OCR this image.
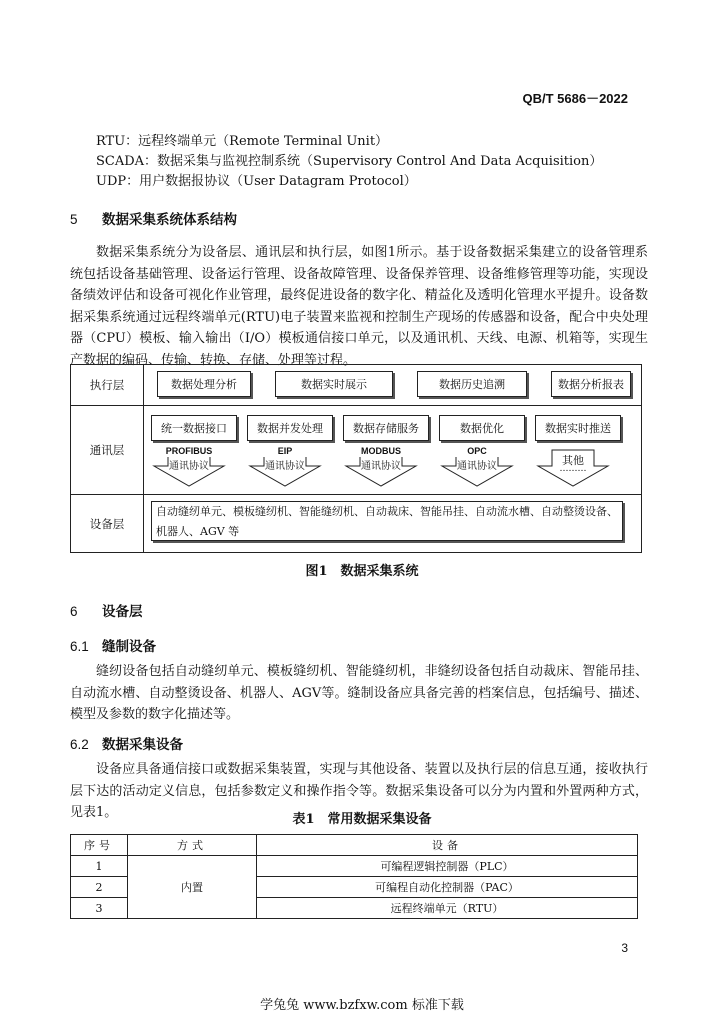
QB/T 5686－2022
RTU：远程终端单元（Remote Terminal Unit）
SCADA：数据采集与监视控制系统（Supervisory Control And Data Acquisition）
UDP：用户数据报协议（User Datagram Protocol）
5 数据采集系统体系结构
数据采集系统分为设备层、通讯层和执行层，如图1所示。基于设备数据采集建立的设备管理系统包括设备基础管理、设备运行管理、设备故障管理、设备保养管理、设备维修管理等功能，实现设备绩效评估和设备可视化作业管理，最终促进设备的数字化、精益化及透明化管理水平提升。设备数据采集系统通过远程终端单元(RTU)电子装置来监视和控制生产现场的传感器和设备，配合中央处理器（CPU）模板、输入输出（I/O）模板通信接口单元，以及通讯机、天线、电源、机箱等，实现生产数据的编码、传输、转换、存储、处理等过程。
执行层	数据处理分析	数据实时展示	数据历史追溯	数据分析报表
通讯层
统一数据接口	数据并发处理	数据存储服务	数据优化	数据实时推送
PROFIBUS
通讯协议
EIP
通讯协议
MODBUS
通讯协议
OPC
通讯协议	其他
………
设备层
自动缝纫单元、模板缝纫机、智能缝纫机、自动裁床、智能吊挂、自动流水槽、自动整烫设备、机器人、AGV 等
图1　数据采集系统
6 设备层
6.1 缝制设备
缝纫设备包括自动缝纫单元、模板缝纫机、智能缝纫机，非缝纫设备包括自动裁床、智能吊挂、自动流水槽、自动整烫设备、机器人、AGV等。缝制设备应具备完善的档案信息，包括编号、描述、模型及参数的数字化描述等。
6.2 数据采集设备
设备应具备通信接口或数据采集装置，实现与其他设备、装置以及执行层的信息互通，接收执行层下达的活动定义信息，包括参数定义和操作指令等。数据采集设备可以分为内置和外置两种方式，见表1。	表1　常用数据采集设备
序号	方式	设备
1	内置	可编程逻辑控制器（PLC）
2		可编程自动化控制器（PAC）
3		远程终端单元（RTU）
3
学兔兔 www.bzfxw.com 标准下载
